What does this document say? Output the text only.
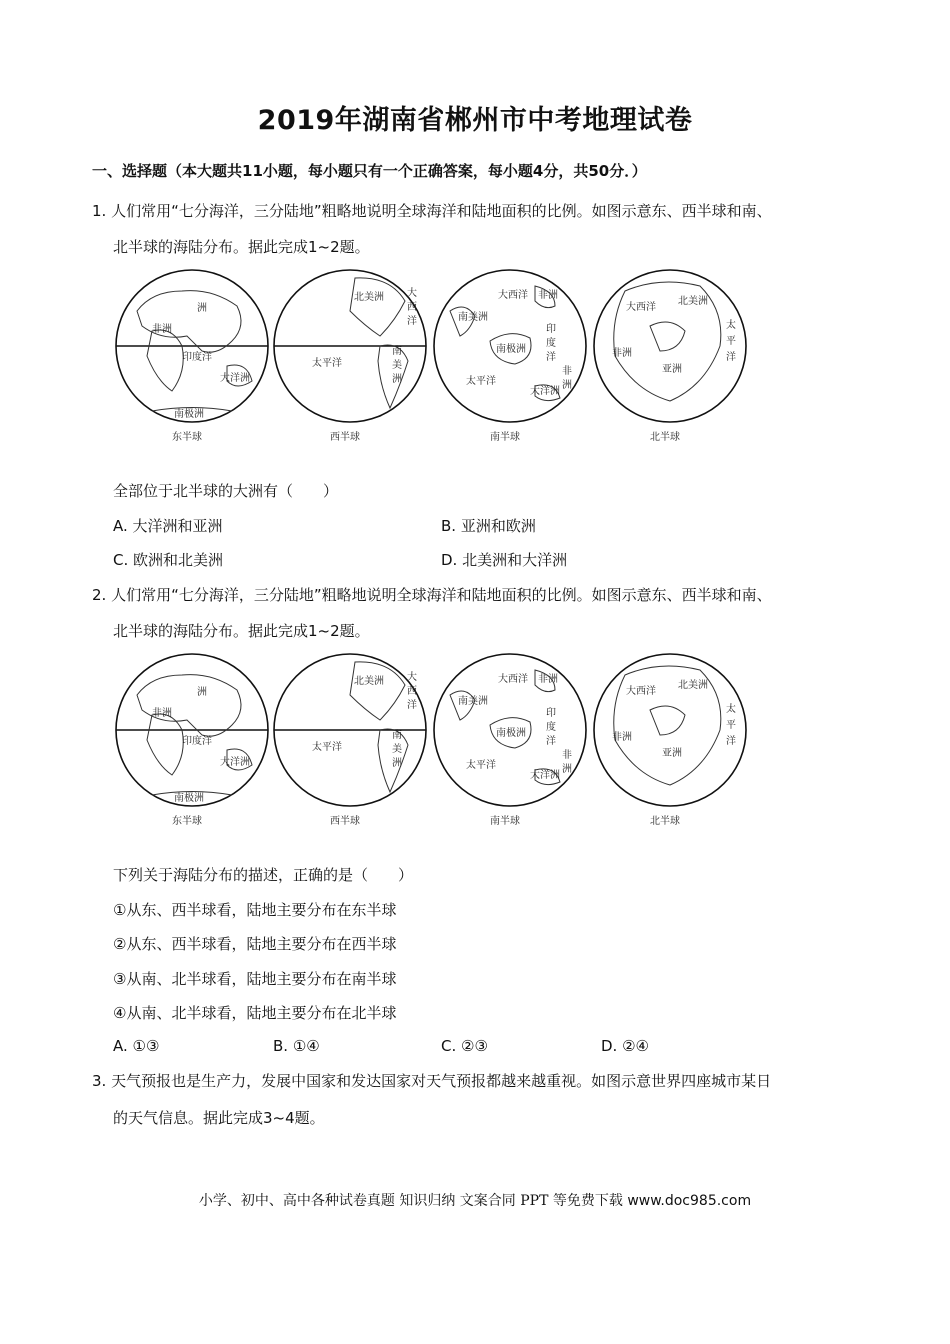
2019年湖南省郴州市中考地理试卷
一、选择题（本大题共11小题，每小题只有一个正确答案，每小题4分，共50分．）
1. 人们常用“七分海洋，三分陆地”粗略地说明全球海洋和陆地面积的比例。如图示意东、西半球和南、
北半球的海陆分布。据此完成1~2题。
洲
非洲
印度洋
大洋洲
南极洲
东半球
北美洲 大
西
洋
南
美
洲
太平洋
西半球
大西洋 非洲
南美洲
南极洲
印
度
洋
太平洋
非
洲
大洋洲
南半球
大西洋
北美洲
太
平
洋
非洲
亚洲
北半球
全部位于北半球的大洲有（　　）
A. 大洋洲和亚洲	B. 亚洲和欧洲
C. 欧洲和北美洲	D. 北美洲和大洋洲
2. 人们常用“七分海洋，三分陆地”粗略地说明全球海洋和陆地面积的比例。如图示意东、西半球和南、
北半球的海陆分布。据此完成1~2题。
洲
非洲
印度洋
大洋洲
南极洲
东半球
北美洲 大
西
洋
南
美
洲
太平洋
西半球
大西洋 非洲
南美洲
南极洲
印
度
洋
太平洋
非
洲
大洋洲
南半球
大西洋
北美洲
太
平
洋
非洲
亚洲
北半球
下列关于海陆分布的描述，正确的是（　　）
①从东、西半球看，陆地主要分布在东半球
②从东、西半球看，陆地主要分布在西半球
③从南、北半球看，陆地主要分布在南半球
④从南、北半球看，陆地主要分布在北半球
A. ①③	B. ①④	C. ②③	D. ②④
3. 天气预报也是生产力，发展中国家和发达国家对天气预报都越来越重视。如图示意世界四座城市某日
的天气信息。据此完成3~4题。
小学、初中、高中各种试卷真题 知识归纳 文案合同 PPT 等免费下载 www.doc985.com
